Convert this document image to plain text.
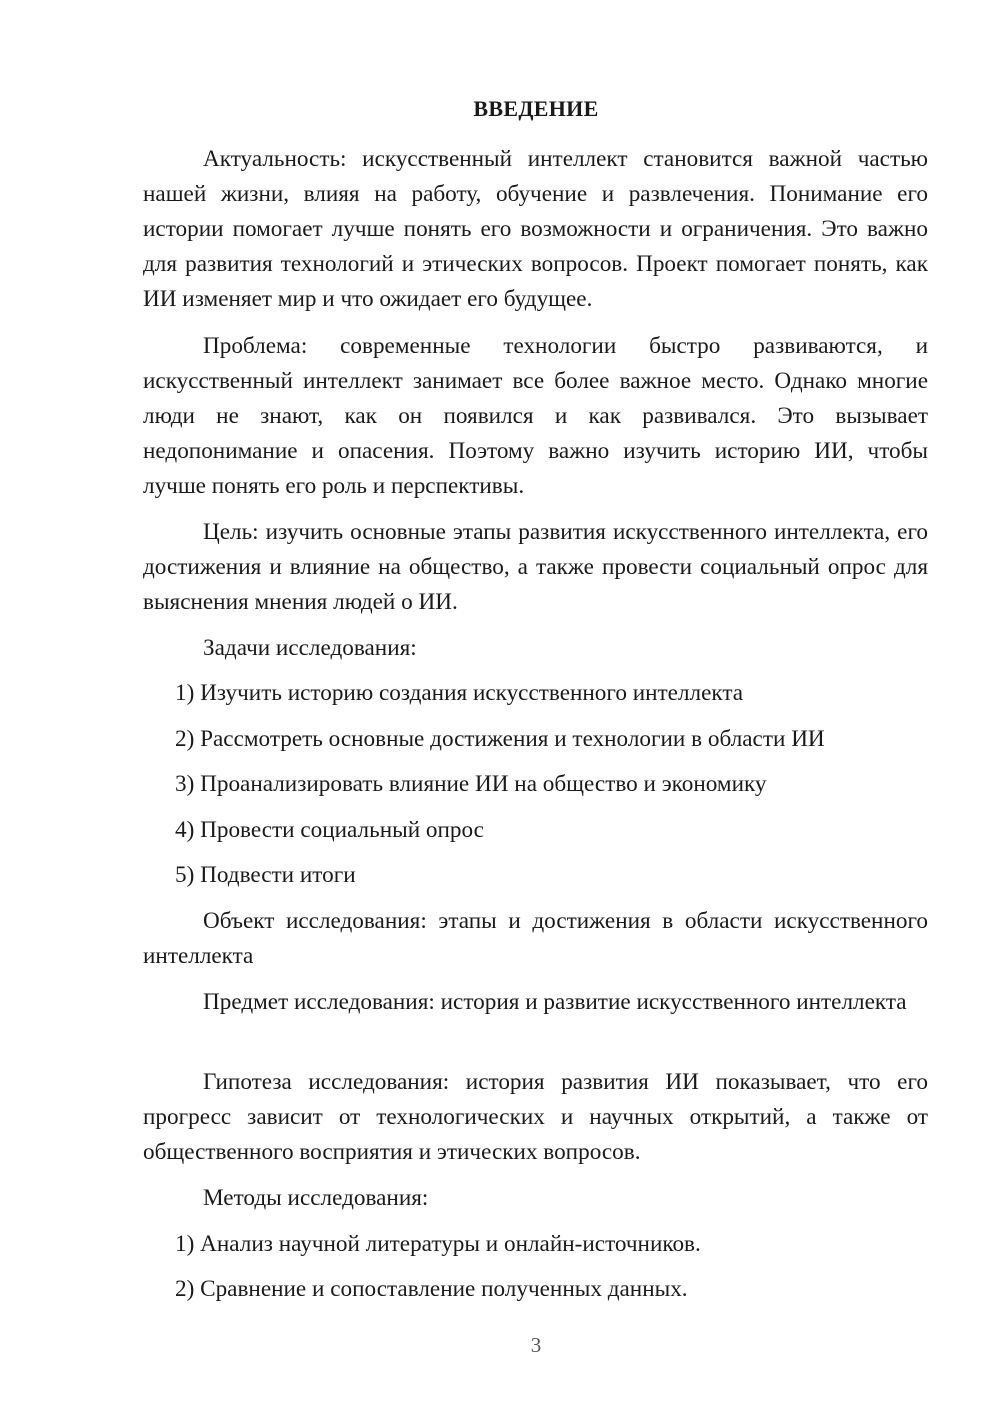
ВВЕДЕНИЕ

Актуальность: искусственный интеллект становится важной частью нашей жизни, влияя на работу, обучение и развлечения. Понимание его истории помогает лучше понять его возможности и ограничения. Это важно для развития технологий и этических вопросов. Проект помогает понять, как ИИ изменяет мир и что ожидает его будущее.

Проблема: современные технологии быстро развиваются, и искусственный интеллект занимает все более важное место. Однако многие люди не знают, как он появился и как развивался. Это вызывает недопонимание и опасения. Поэтому важно изучить историю ИИ, чтобы лучше понять его роль и перспективы.

Цель: изучить основные этапы развития искусственного интеллекта, его достижения и влияние на общество, а также провести социальный опрос для выяснения мнения людей о ИИ.

Задачи исследования:

1) Изучить историю создания искусственного интеллекта

2) Рассмотреть основные достижения и технологии в области ИИ

3) Проанализировать влияние ИИ на общество и экономику

4) Провести социальный опрос

5) Подвести итоги

Объект исследования: этапы и достижения в области искусственного интеллекта

Предмет исследования: история и развитие искусственного интеллекта

Гипотеза исследования: история развития ИИ показывает, что его прогресс зависит от технологических и научных открытий, а также от общественного восприятия и этических вопросов.

Методы исследования:

1) Анализ научной литературы и онлайн-источников.

2) Сравнение и сопоставление полученных данных.

3
